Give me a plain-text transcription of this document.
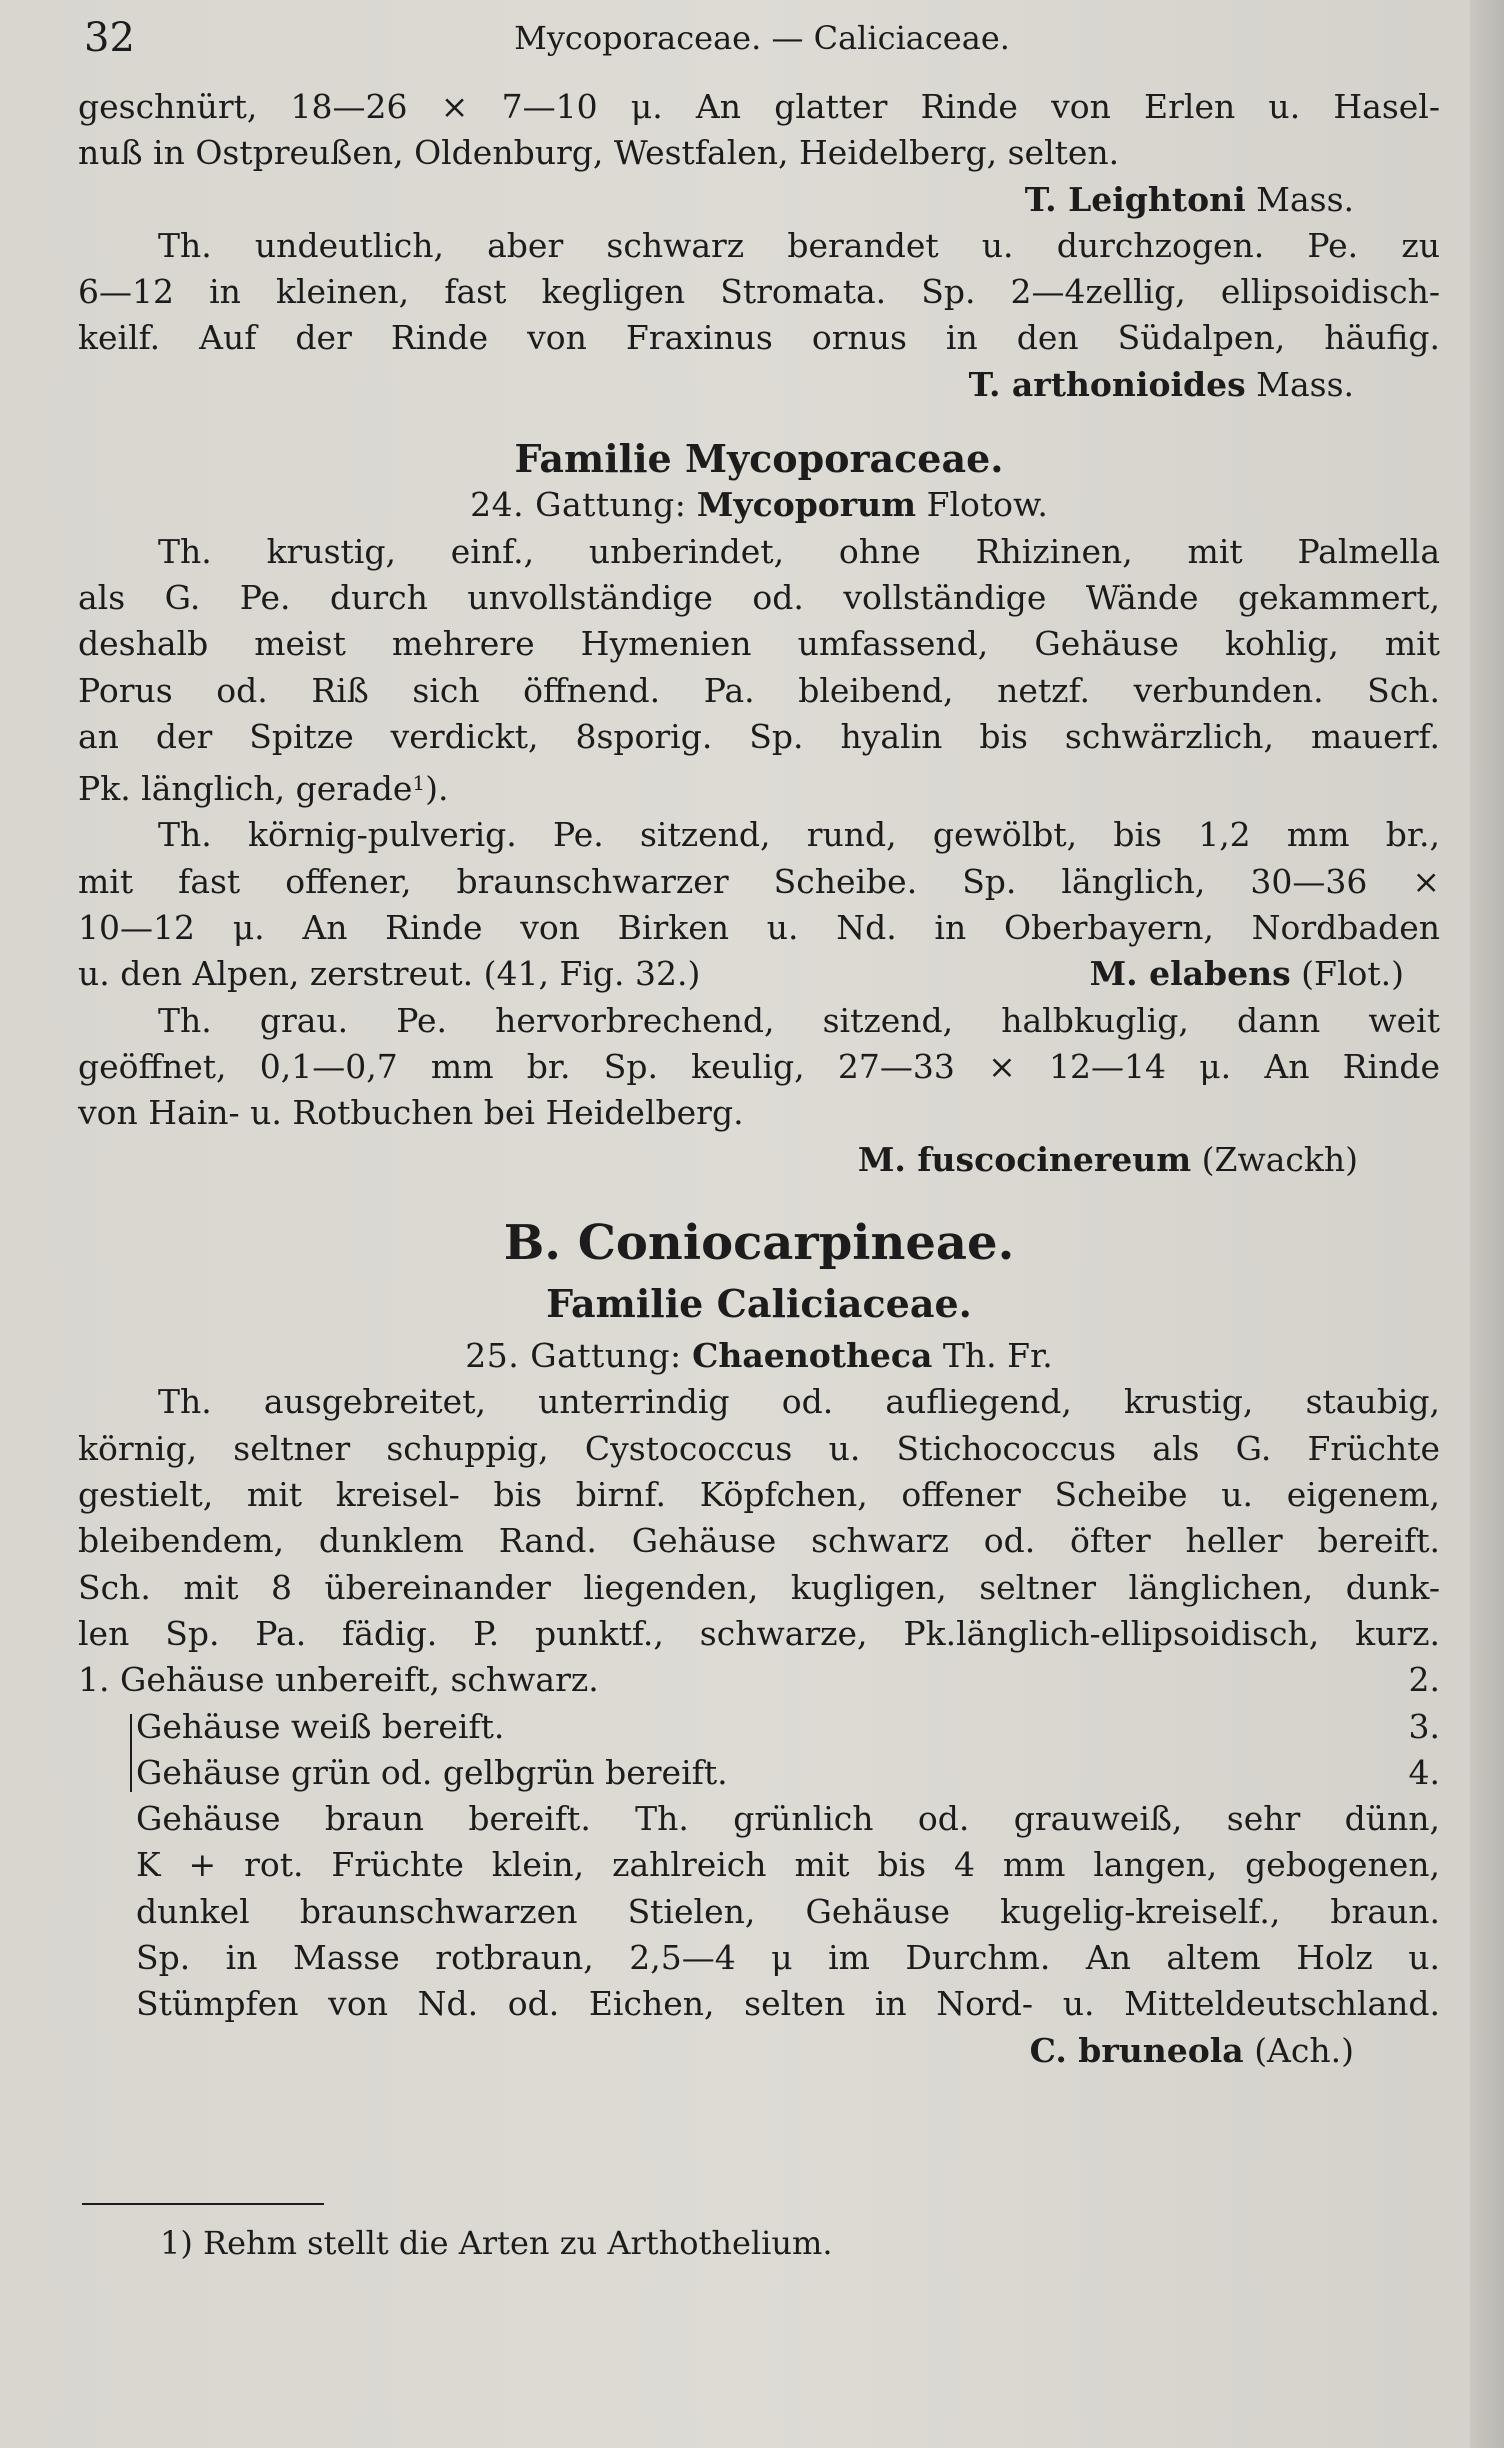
32	Mycoporaceae. — Caliciaceae.

geschnürt, 18—26 × 7—10 μ. An glatter Rinde von Erlen u. Hasel-

nuß in Ostpreußen, Oldenburg, Westfalen, Heidelberg, selten.

T. Leightoni Mass.

Th. undeutlich, aber schwarz berandet u. durchzogen. Pe. zu

6—12 in kleinen, fast kegligen Stromata. Sp. 2—4zellig, ellipsoidisch-

keilf. Auf der Rinde von Fraxinus ornus in den Südalpen, häufig.

T. arthonioides Mass.

Familie Mycoporaceae.

24. Gattung: Mycoporum Flotow.

Th. krustig, einf., unberindet, ohne Rhizinen, mit Palmella

als G. Pe. durch unvollständige od. vollständige Wände gekammert,

deshalb meist mehrere Hymenien umfassend, Gehäuse kohlig, mit

Porus od. Riß sich öffnend. Pa. bleibend, netzf. verbunden. Sch.

an der Spitze verdickt, 8sporig. Sp. hyalin bis schwärzlich, mauerf.

Pk. länglich, gerade$^1$).

Th. körnig-pulverig. Pe. sitzend, rund, gewölbt, bis 1,2 mm br.,

mit fast offener, braunschwarzer Scheibe. Sp. länglich, 30—36 ×

10—12 μ. An Rinde von Birken u. Nd. in Oberbayern, Nordbaden

u. den Alpen, zerstreut. (41, Fig. 32.)	M. elabens (Flot.)

Th. grau. Pe. hervorbrechend, sitzend, halbkuglig, dann weit

geöffnet, 0,1—0,7 mm br. Sp. keulig, 27—33 × 12—14 μ. An Rinde

von Hain- u. Rotbuchen bei Heidelberg.

M. fuscocinereum (Zwackh)

B. Coniocarpineae.

Familie Caliciaceae.

25. Gattung: Chaenotheca Th. Fr.

Th. ausgebreitet, unterrindig od. aufliegend, krustig, staubig,

körnig, seltner schuppig, Cystococcus u. Stichococcus als G. Früchte

gestielt, mit kreisel- bis birnf. Köpfchen, offener Scheibe u. eigenem,

bleibendem, dunklem Rand. Gehäuse schwarz od. öfter heller bereift.

Sch. mit 8 übereinander liegenden, kugligen, seltner länglichen, dunk-

len Sp. Pa. fädig. P. punktf., schwarze, Pk.länglich-ellipsoidisch, kurz.

1. Gehäuse unbereift, schwarz.	2.

Gehäuse weiß bereift.	3.

Gehäuse grün od. gelbgrün bereift.	4.

Gehäuse braun bereift. Th. grünlich od. grauweiß, sehr dünn,

K + rot. Früchte klein, zahlreich mit bis 4 mm langen, gebogenen,

dunkel braunschwarzen Stielen, Gehäuse kugelig-kreiself., braun.

Sp. in Masse rotbraun, 2,5—4 μ im Durchm. An altem Holz u.

Stümpfen von Nd. od. Eichen, selten in Nord- u. Mitteldeutschland.

C. bruneola (Ach.)

1) Rehm stellt die Arten zu Arthothelium.
